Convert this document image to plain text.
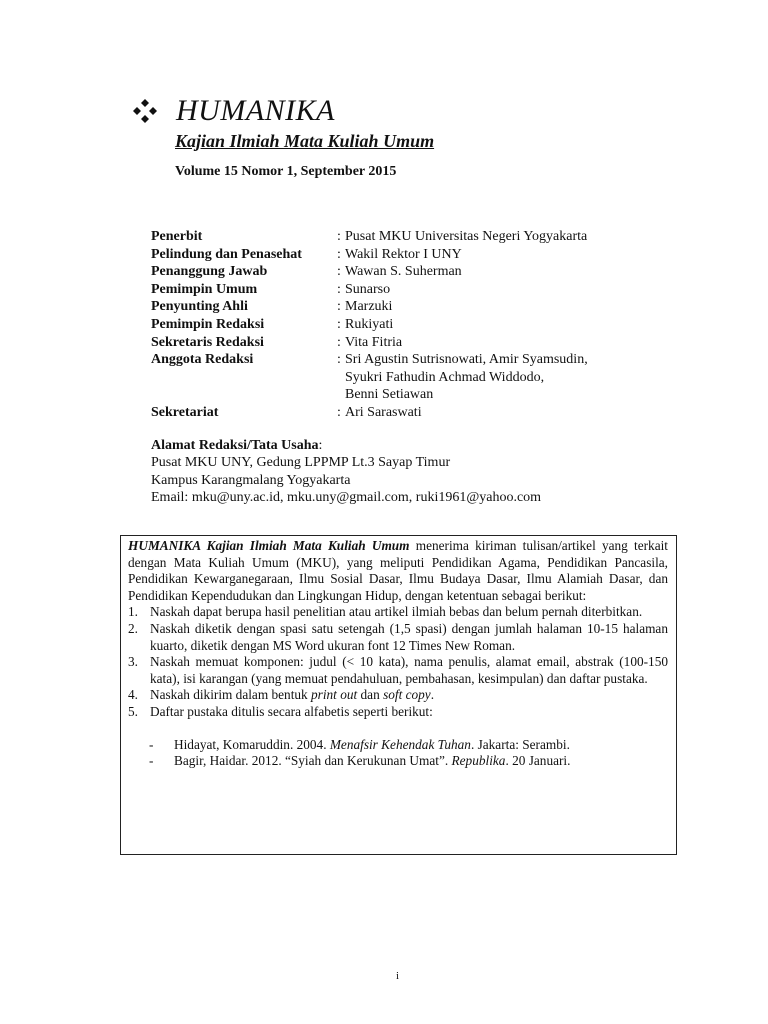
HUMANIKA
Kajian Ilmiah Mata Kuliah Umum
Volume 15 Nomor 1, September 2015
Penerbit	: Pusat MKU Universitas Negeri Yogyakarta
Pelindung dan Penasehat	: Wakil Rektor I UNY
Penanggung Jawab	: Wawan S. Suherman
Pemimpin Umum	: Sunarso
Penyunting Ahli	: Marzuki
Pemimpin Redaksi	: Rukiyati
Sekretaris Redaksi	: Vita Fitria
Anggota Redaksi	: Sri Agustin Sutrisnowati, Amir Syamsudin,
Syukri Fathudin Achmad Widdodo,
Benni Setiawan
Sekretariat	: Ari Saraswati
Alamat Redaksi/Tata Usaha:
Pusat MKU UNY, Gedung LPPMP Lt.3 Sayap Timur
Kampus Karangmalang Yogyakarta
Email: mku@uny.ac.id, mku.uny@gmail.com, ruki1961@yahoo.com
HUMANIKA Kajian Ilmiah Mata Kuliah Umum menerima kiriman tulisan/artikel yang terkait dengan Mata Kuliah Umum (MKU), yang meliputi Pendidikan Agama, Pendidikan Pancasila, Pendidikan Kewarganegaraan, Ilmu Sosial Dasar, Ilmu Budaya Dasar, Ilmu Alamiah Dasar, dan Pendidikan Kependudukan dan Lingkungan Hidup, dengan ketentuan sebagai berikut:
1. Naskah dapat berupa hasil penelitian atau artikel ilmiah bebas dan belum pernah diterbitkan.
2. Naskah diketik dengan spasi satu setengah (1,5 spasi) dengan jumlah halaman 10-15 halaman kuarto, diketik dengan MS Word ukuran font 12 Times New Roman.
3. Naskah memuat komponen: judul (< 10 kata), nama penulis, alamat email, abstrak (100-150 kata), isi karangan (yang memuat pendahuluan, pembahasan, kesimpulan) dan daftar pustaka.
4. Naskah dikirim dalam bentuk print out dan soft copy.
5. Daftar pustaka ditulis secara alfabetis seperti berikut:
-	Hidayat, Komaruddin. 2004. Menafsir Kehendak Tuhan. Jakarta: Serambi.
-	Bagir, Haidar. 2012. “Syiah dan Kerukunan Umat”. Republika. 20 Januari.
i
